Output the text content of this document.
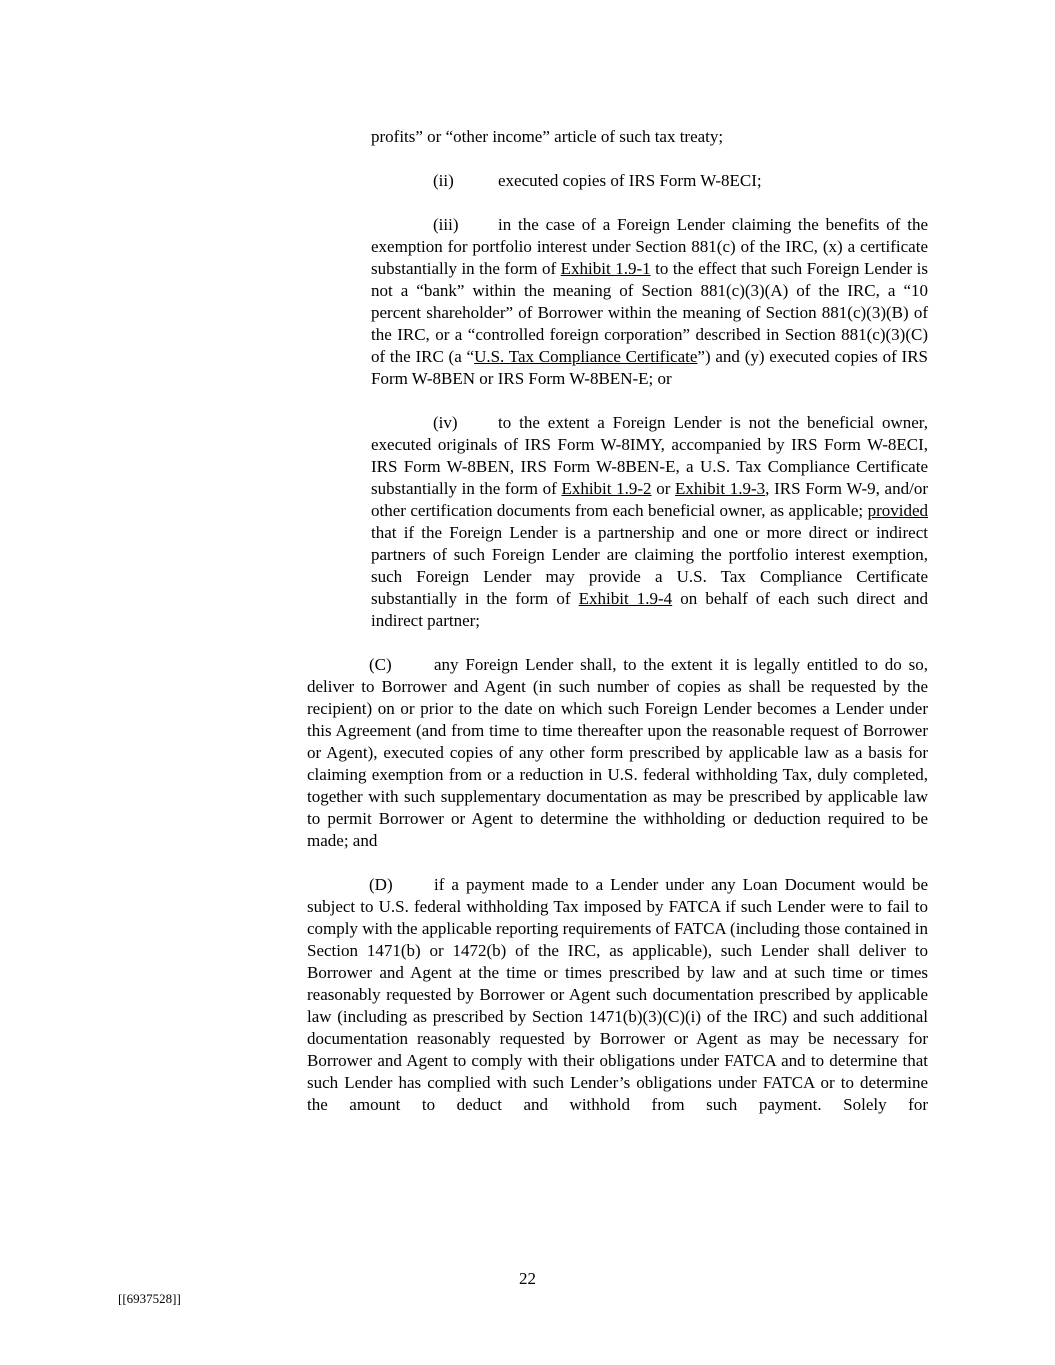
profits” or “other income” article of such tax treaty;

(ii)	executed copies of IRS Form W-8ECI;

(iii) in the case of a Foreign Lender claiming the benefits of the exemption for portfolio interest under Section 881(c) of the IRC, (x) a certificate substantially in the form of Exhibit 1.9-1 to the effect that such Foreign Lender is not a “bank” within the meaning of Section 881(c)(3)(A) of the IRC, a “10 percent shareholder” of Borrower within the meaning of Section 881(c)(3)(B) of the IRC, or a “controlled foreign corporation” described in Section 881(c)(3)(C) of the IRC (a “U.S. Tax Compliance Certificate”) and (y) executed copies of IRS Form W-8BEN or IRS Form W-8BEN-E; or

(iv) to the extent a Foreign Lender is not the beneficial owner, executed originals of IRS Form W-8IMY, accompanied by IRS Form W-8ECI, IRS Form W-8BEN, IRS Form W-8BEN-E, a U.S. Tax Compliance Certificate substantially in the form of Exhibit 1.9-2 or Exhibit 1.9-3, IRS Form W-9, and/or other certification documents from each beneficial owner, as applicable; provided that if the Foreign Lender is a partnership and one or more direct or indirect partners of such Foreign Lender are claiming the portfolio interest exemption, such Foreign Lender may provide a U.S. Tax Compliance Certificate substantially in the form of Exhibit 1.9-4 on behalf of each such direct and indirect partner;

(C) any Foreign Lender shall, to the extent it is legally entitled to do so, deliver to Borrower and Agent (in such number of copies as shall be requested by the recipient) on or prior to the date on which such Foreign Lender becomes a Lender under this Agreement (and from time to time thereafter upon the reasonable request of Borrower or Agent), executed copies of any other form prescribed by applicable law as a basis for claiming exemption from or a reduction in U.S. federal withholding Tax, duly completed, together with such supplementary documentation as may be prescribed by applicable law to permit Borrower or Agent to determine the withholding or deduction required to be made; and

(D) if a payment made to a Lender under any Loan Document would be subject to U.S. federal withholding Tax imposed by FATCA if such Lender were to fail to comply with the applicable reporting requirements of FATCA (including those contained in Section 1471(b) or 1472(b) of the IRC, as applicable), such Lender shall deliver to Borrower and Agent at the time or times prescribed by law and at such time or times reasonably requested by Borrower or Agent such documentation prescribed by applicable law (including as prescribed by Section 1471(b)(3)(C)(i) of the IRC) and such additional documentation reasonably requested by Borrower or Agent as may be necessary for Borrower and Agent to comply with their obligations under FATCA and to determine that such Lender has complied with such Lender’s obligations under FATCA or to determine the amount to deduct and withhold from such payment. Solely for

22
[[6937528]]
